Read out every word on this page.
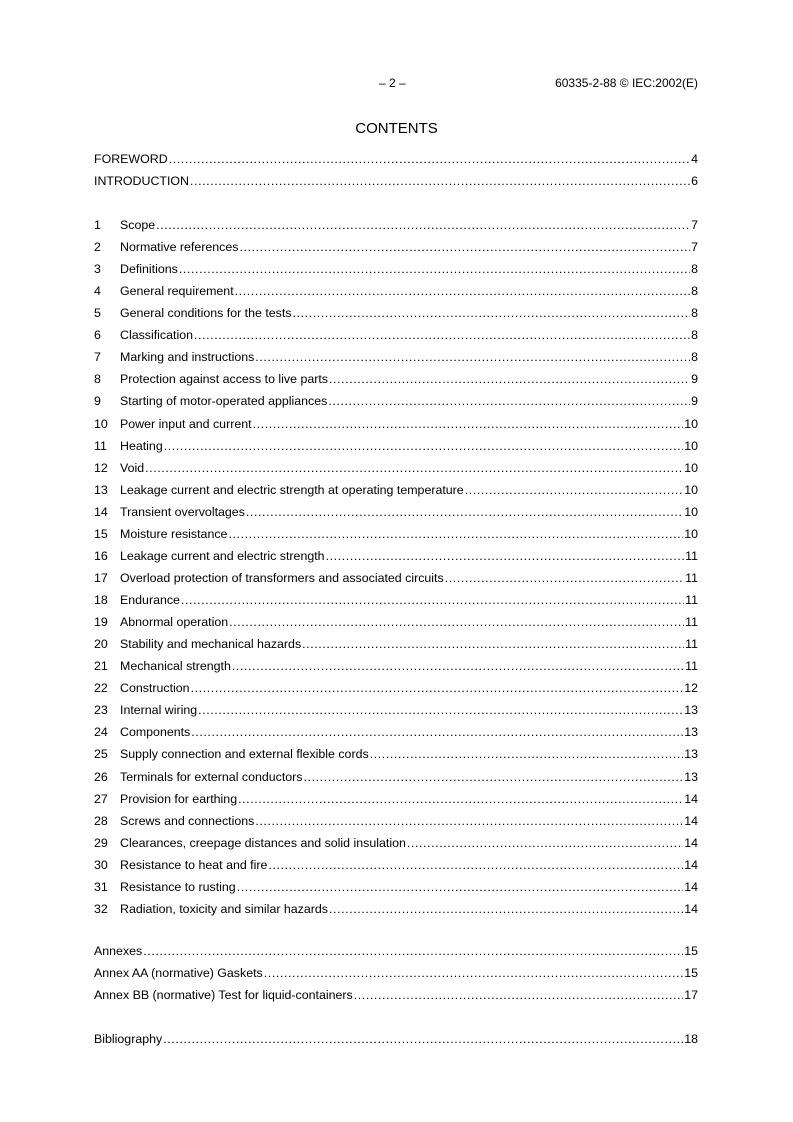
– 2 –	60335-2-88 © IEC:2002(E)
CONTENTS
FOREWORD .....	4
INTRODUCTION .....	6
1	Scope .....	7
2	Normative references .....	7
3	Definitions .....	8
4	General requirement .....	8
5	General conditions for the tests .....	8
6	Classification .....	8
7	Marking and instructions .....	8
8	Protection against access to live parts .....	9
9	Starting of motor-operated appliances .....	9
10 Power input and current .....	10
11	Heating .....	10
12 Void .....	10
13 Leakage current and electric strength at operating temperature .....	10
14 Transient overvoltages .....	10
15 Moisture resistance .....	10
16 Leakage current and electric strength .....	11
17 Overload protection of transformers and associated circuits .....	11
18 Endurance .....	11
19 Abnormal operation .....	11
20 Stability and mechanical hazards .....	11
21 Mechanical strength .....	11
22 Construction .....	12
23 Internal wiring .....	13
24 Components .....	13
25 Supply connection and external flexible cords .....	13
26 Terminals for external conductors .....	13
27 Provision for earthing .....	14
28 Screws and connections .....	14
29 Clearances, creepage distances and solid insulation .....	14
30 Resistance to heat and fire .....	14
31 Resistance to rusting .....	14
32 Radiation, toxicity and similar hazards .....	14
Annexes .....	15
Annex AA (normative) Gaskets .....	15
Annex BB (normative) Test for liquid-containers .....	17
Bibliography .....	18
